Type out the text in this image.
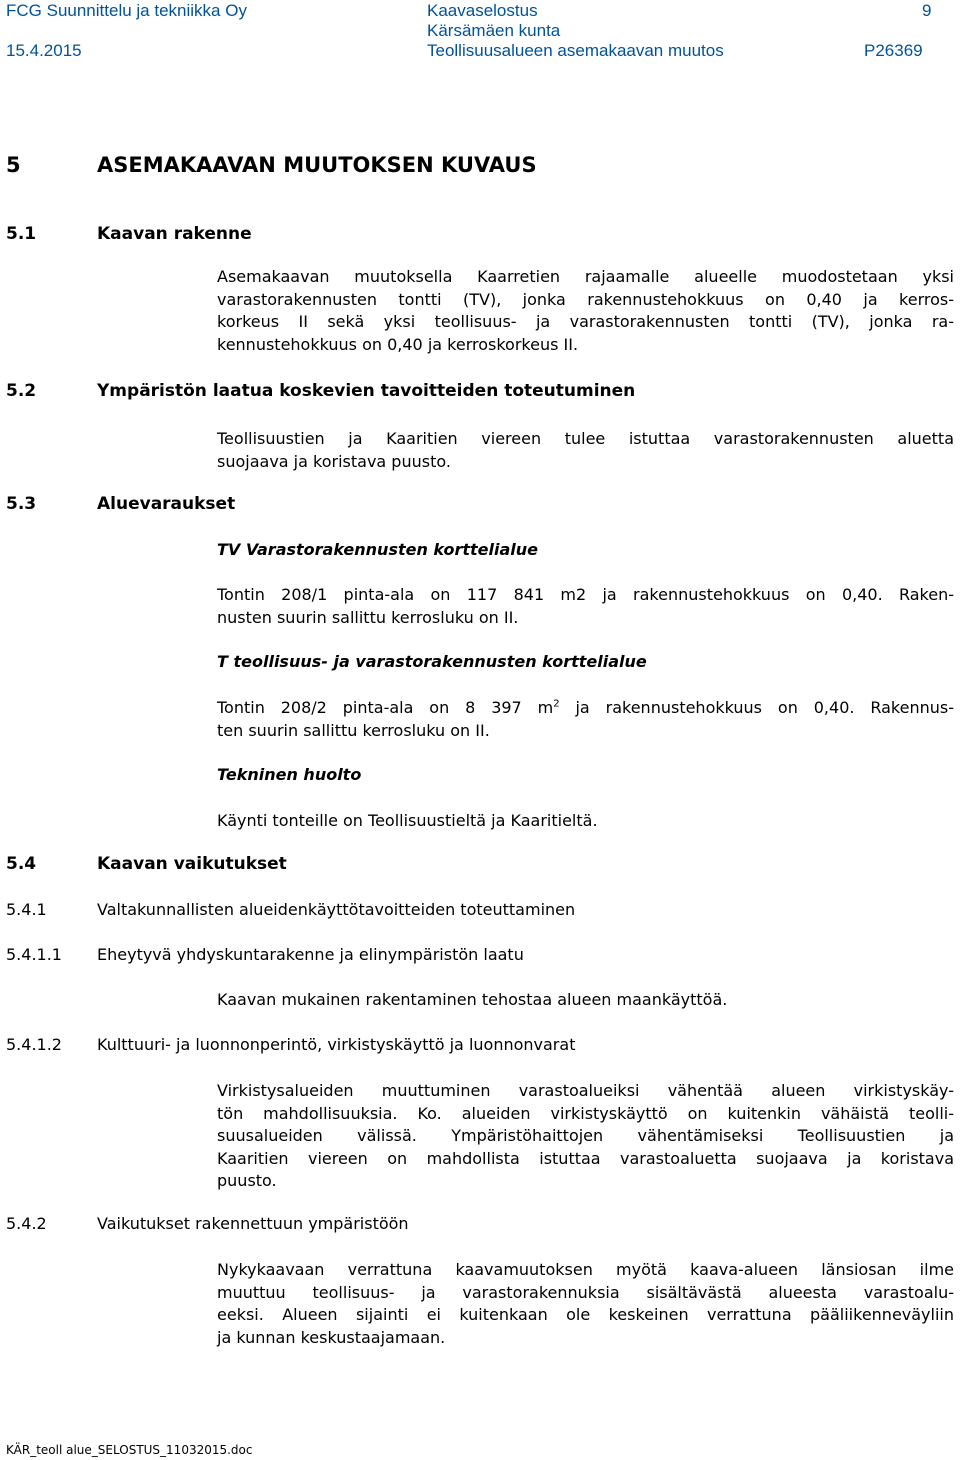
FCG Suunnittelu ja tekniikka Oy
15.4.2015
Kaavaselostus
Kärsämäen kunta
Teollisuusalueen asemakaavan muutos
9
P26369
5	ASEMAKAAVAN MUUTOKSEN KUVAUS
5.1	Kaavan rakenne
Asemakaavan muutoksella Kaarretien rajaamalle alueelle muodostetaan yksi
varastorakennusten tontti (TV), jonka rakennustehokkuus on 0,40 ja kerros-
korkeus II sekä yksi teollisuus- ja varastorakennusten tontti (TV), jonka ra-
kennustehokkuus on 0,40 ja kerroskorkeus II.
5.2	Ympäristön laatua koskevien tavoitteiden toteutuminen
Teollisuustien ja Kaaritien viereen tulee istuttaa varastorakennusten aluetta
suojaava ja koristava puusto.
5.3	Aluevaraukset
TV Varastorakennusten korttelialue
Tontin 208/1 pinta-ala on 117 841 m2 ja rakennustehokkuus on 0,40. Raken-
nusten suurin sallittu kerrosluku on II.
T teollisuus- ja varastorakennusten korttelialue
Tontin 208/2 pinta-ala on 8 397 $m^2$ ja rakennustehokkuus on 0,40. Rakennus-
ten suurin sallittu kerrosluku on II.
Tekninen huolto
Käynti tonteille on Teollisuustieltä ja Kaaritieltä.
5.4	Kaavan vaikutukset
5.4.1	Valtakunnallisten alueidenkäyttötavoitteiden toteuttaminen
5.4.1.1 Eheytyvä yhdyskuntarakenne ja elinympäristön laatu
Kaavan mukainen rakentaminen tehostaa alueen maankäyttöä.
5.4.1.2 Kulttuuri- ja luonnonperintö, virkistyskäyttö ja luonnonvarat
Virkistysalueiden muuttuminen varastoalueiksi vähentää alueen virkistyskäy-
tön mahdollisuuksia. Ko. alueiden virkistyskäyttö on kuitenkin vähäistä teolli-
suusalueiden välissä. Ympäristöhaittojen vähentämiseksi Teollisuustien ja
Kaaritien viereen on mahdollista istuttaa varastoaluetta suojaava ja koristava
puusto.
5.4.2	Vaikutukset rakennettuun ympäristöön
Nykykaavaan verrattuna kaavamuutoksen myötä kaava-alueen länsiosan ilme
muuttuu teollisuus- ja varastorakennuksia sisältävästä alueesta varastoalu-
eeksi. Alueen sijainti ei kuitenkaan ole keskeinen verrattuna pääliikenneväyliin
ja kunnan keskustaajamaan.
KÄR_teoll alue_SELOSTUS_11032015.doc
